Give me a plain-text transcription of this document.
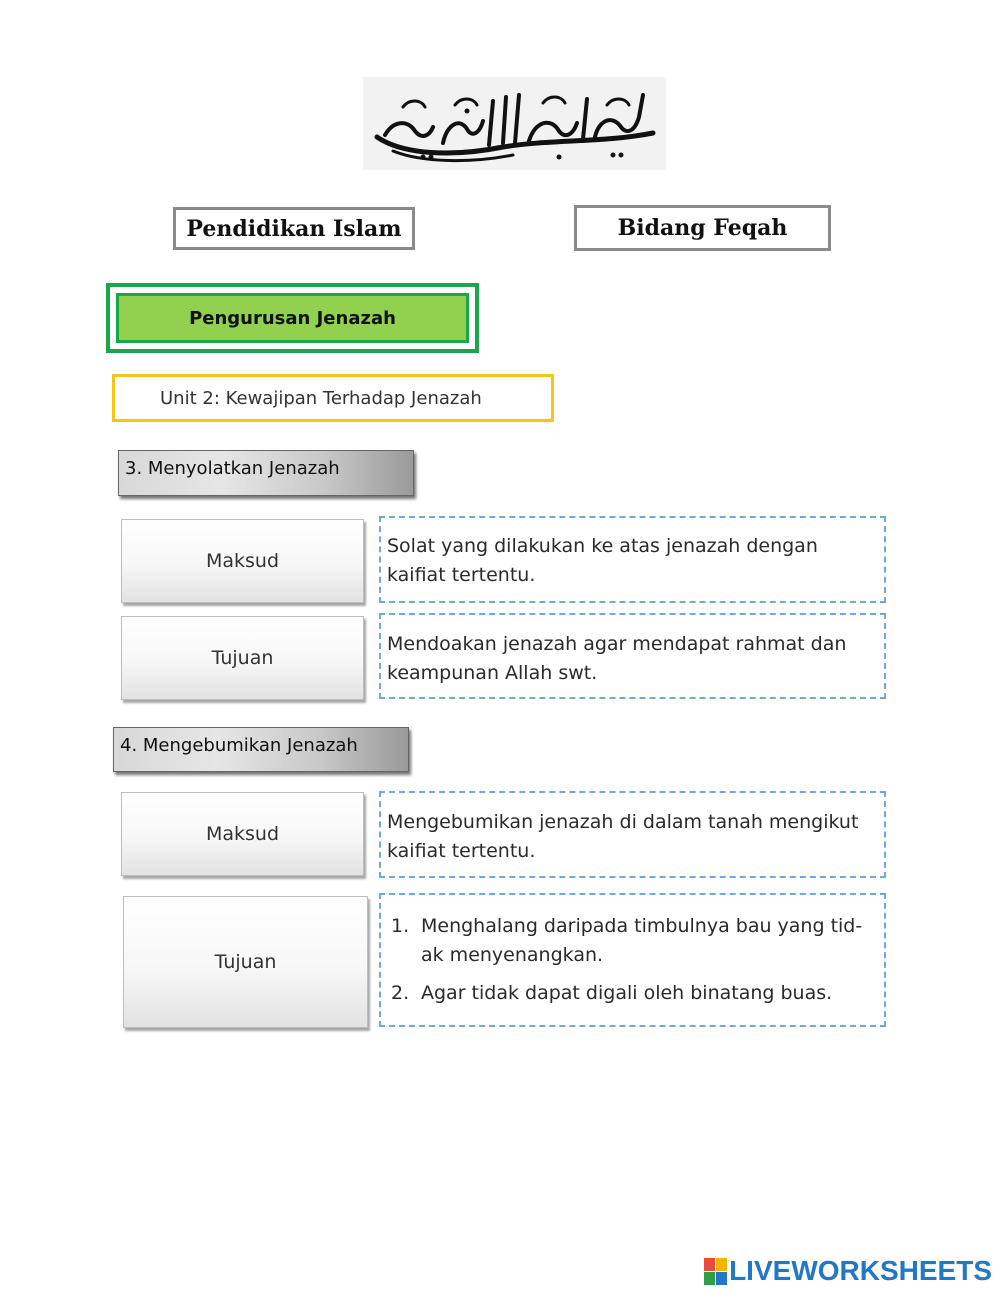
Pendidikan Islam	Bidang Feqah
Pengurusan Jenazah
Unit 2: Kewajipan Terhadap Jenazah
3. Menyolatkan Jenazah
Maksud
Solat yang dilakukan ke atas jenazah dengan kaifiat tertentu.
Tujuan
Mendoakan jenazah agar mendapat rahmat dan keampunan Allah swt.
4. Mengebumikan Jenazah
Maksud
Mengebumikan jenazah di dalam tanah mengikut kaifiat tertentu.
Tujuan
1. Menghalang daripada timbulnya bau yang tid-ak menyenangkan.
2. Agar tidak dapat digali oleh binatang buas.
LIVEWORKSHEETS
